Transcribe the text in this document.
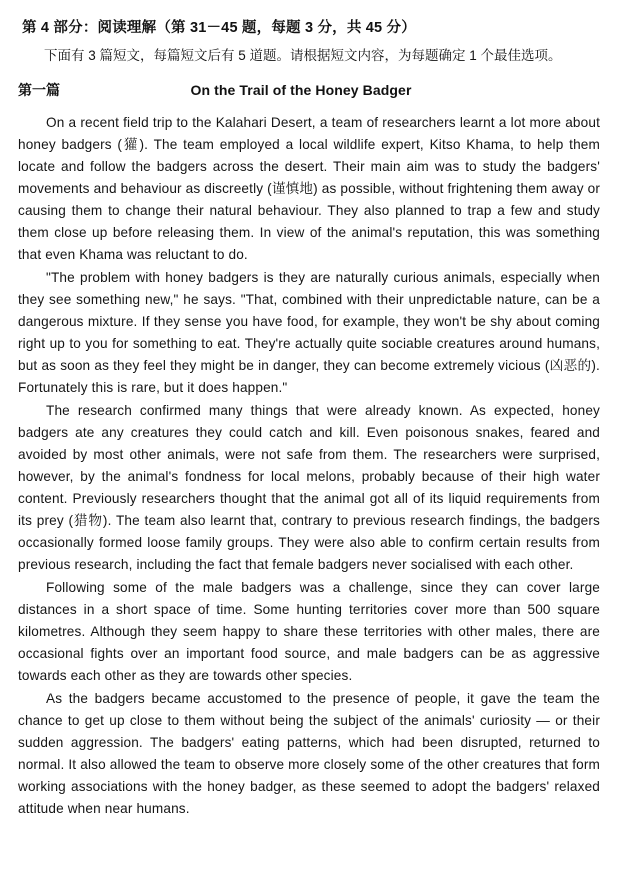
第 4 部分：阅读理解（第 31－45 题，每题 3 分，共 45 分）
下面有 3 篇短文，每篇短文后有 5 道题。请根据短文内容，为每题确定 1 个最佳选项。
第一篇	On the Trail of the Honey Badger

On a recent field trip to the Kalahari Desert, a team of researchers learnt a lot more about honey badgers (獾). The team employed a local wildlife expert, Kitso Khama, to help them locate and follow the badgers across the desert. Their main aim was to study the badgers' movements and behaviour as discreetly (谨慎地) as possible, without frightening them away or causing them to change their natural behaviour. They also planned to trap a few and study them close up before releasing them. In view of the animal's reputation, this was something that even Khama was reluctant to do.

"The problem with honey badgers is they are naturally curious animals, especially when they see something new," he says. "That, combined with their unpredictable nature, can be a dangerous mixture. If they sense you have food, for example, they won't be shy about coming right up to you for something to eat. They're actually quite sociable creatures around humans, but as soon as they feel they might be in danger, they can become extremely vicious (凶恶的). Fortunately this is rare, but it does happen."

The research confirmed many things that were already known. As expected, honey badgers ate any creatures they could catch and kill. Even poisonous snakes, feared and avoided by most other animals, were not safe from them. The researchers were surprised, however, by the animal's fondness for local melons, probably because of their high water content. Previously researchers thought that the animal got all of its liquid requirements from its prey (猎物). The team also learnt that, contrary to previous research findings, the badgers occasionally formed loose family groups. They were also able to confirm certain results from previous research, including the fact that female badgers never socialised with each other.

Following some of the male badgers was a challenge, since they can cover large distances in a short space of time. Some hunting territories cover more than 500 square kilometres. Although they seem happy to share these territories with other males, there are occasional fights over an important food source, and male badgers can be as aggressive towards each other as they are towards other species.

As the badgers became accustomed to the presence of people, it gave the team the chance to get up close to them without being the subject of the animals' curiosity — or their sudden aggression. The badgers' eating patterns, which had been disrupted, returned to normal. It also allowed the team to observe more closely some of the other creatures that form working associations with the honey badger, as these seemed to adopt the badgers' relaxed attitude when near humans.
